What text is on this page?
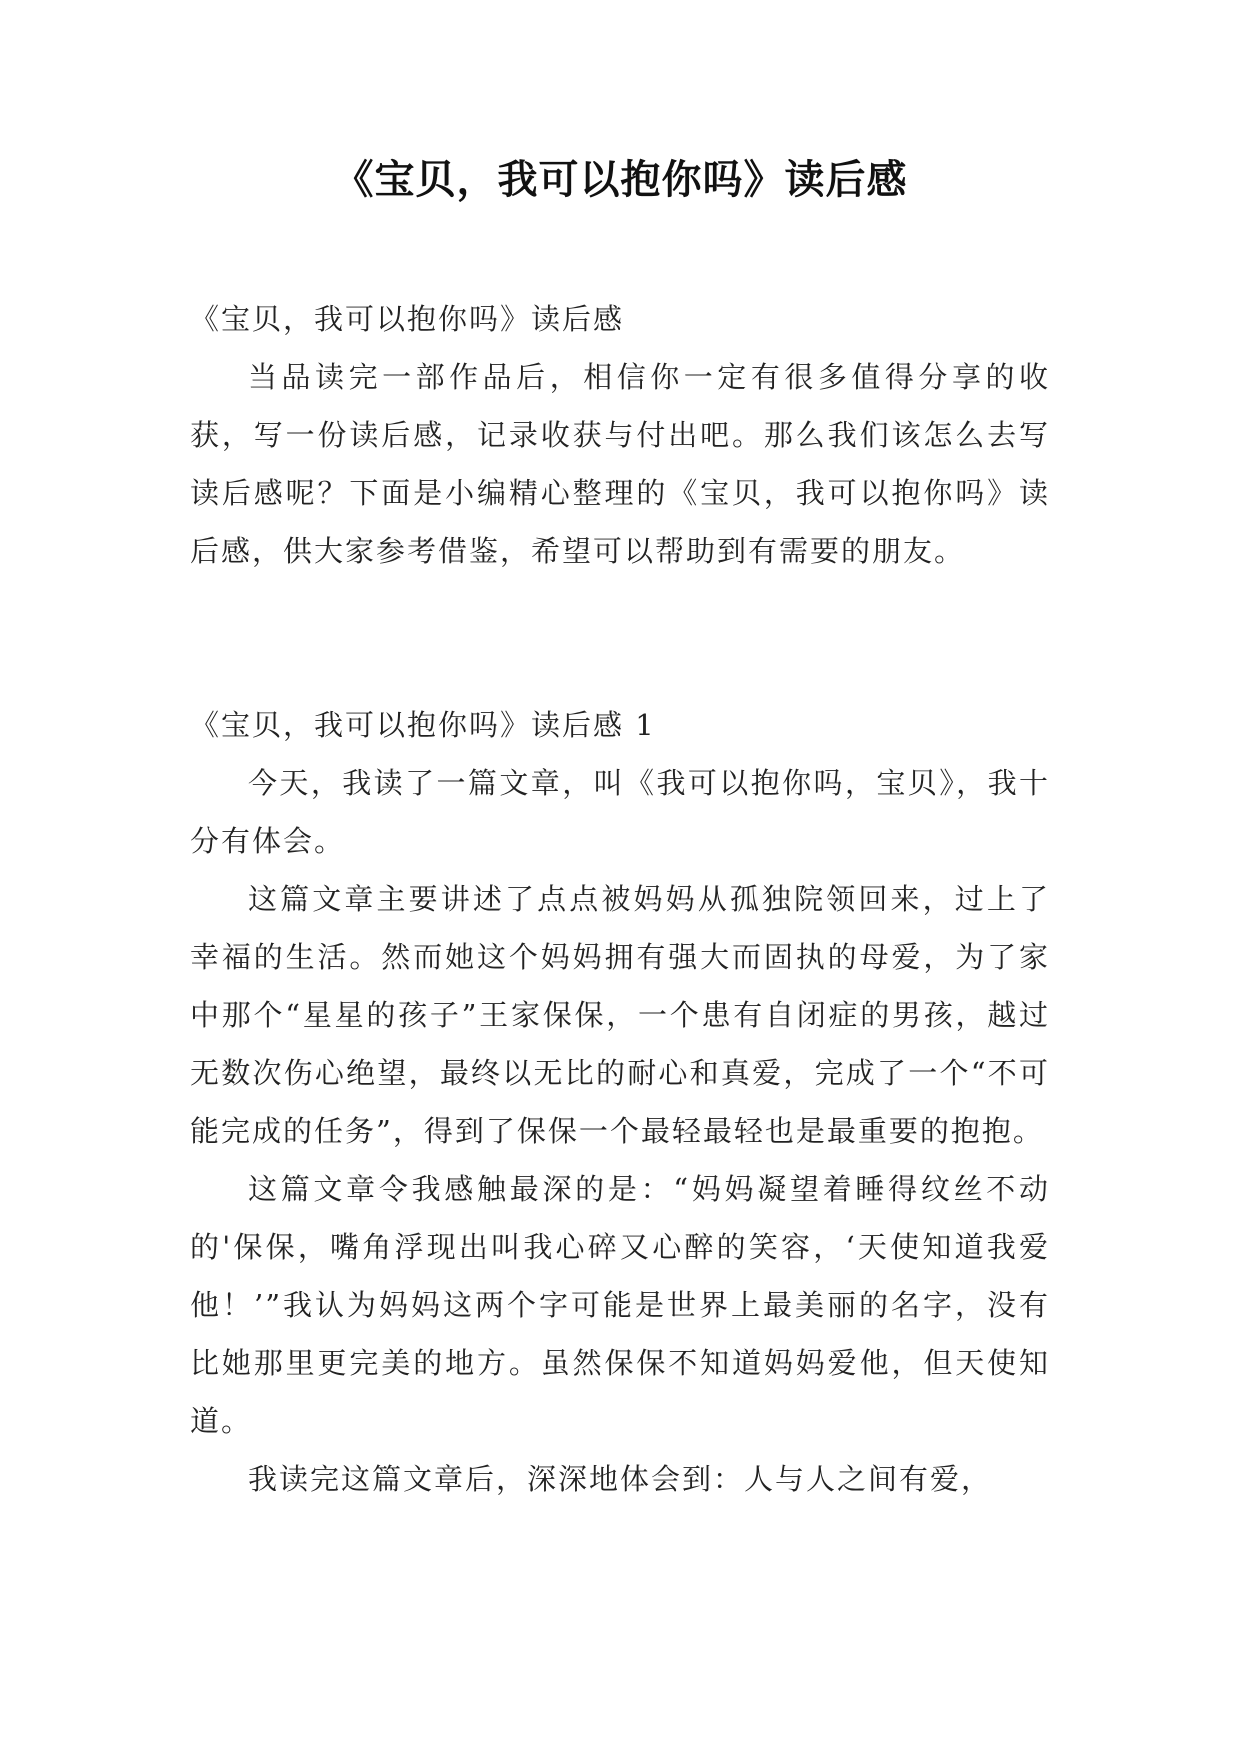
《宝贝，我可以抱你吗》读后感
《宝贝，我可以抱你吗》读后感

当品读完一部作品后，相信你一定有很多值得分享的收获，写一份读后感，记录收获与付出吧。那么我们该怎么去写读后感呢？下面是小编精心整理的《宝贝，我可以抱你吗》读后感，供大家参考借鉴，希望可以帮助到有需要的朋友。

《宝贝，我可以抱你吗》读后感 1

今天，我读了一篇文章，叫《我可以抱你吗，宝贝》，我十分有体会。

这篇文章主要讲述了点点被妈妈从孤独院领回来，过上了幸福的生活。然而她这个妈妈拥有强大而固执的母爱，为了家中那个“星星的孩子”王家保保，一个患有自闭症的男孩，越过无数次伤心绝望，最终以无比的耐心和真爱，完成了一个“不可能完成的任务”，得到了保保一个最轻最轻也是最重要的抱抱。

这篇文章令我感触最深的是：“妈妈凝望着睡得纹丝不动的'保保，嘴角浮现出叫我心碎又心醉的笑容，‘天使知道我爱他！’”我认为妈妈这两个字可能是世界上最美丽的名字，没有比她那里更完美的地方。虽然保保不知道妈妈爱他，但天使知道。

我读完这篇文章后，深深地体会到：人与人之间有爱，
